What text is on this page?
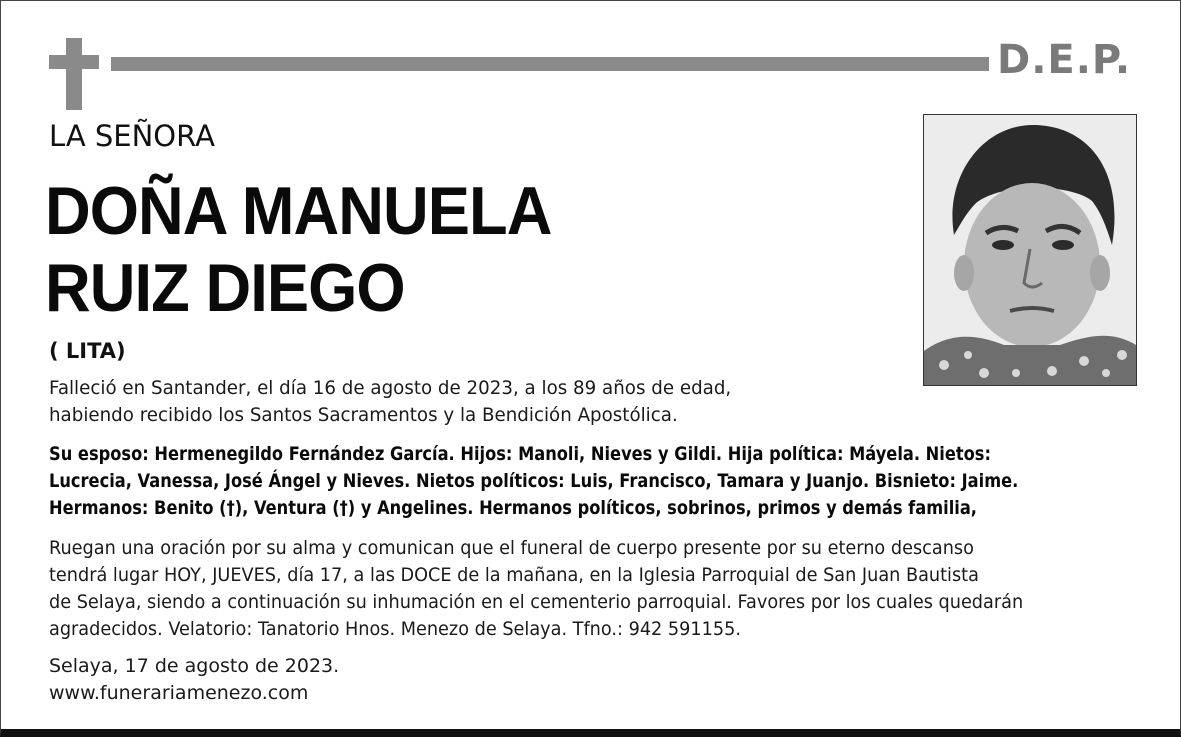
D.E.P.
LA SEÑORA
DOÑA MANUELA
RUIZ DIEGO
( LITA)
Falleció en Santander, el día 16 de agosto de 2023, a los 89 años de edad,
habiendo recibido los Santos Sacramentos y la Bendición Apostólica.
Su esposo: Hermenegildo Fernández García. Hijos: Manoli, Nieves y Gildi. Hija política: Máyela. Nietos:
Lucrecia, Vanessa, José Ángel y Nieves. Nietos políticos: Luis, Francisco, Tamara y Juanjo. Bisnieto: Jaime.
Hermanos: Benito (†), Ventura (†) y Angelines. Hermanos políticos, sobrinos, primos y demás familia,
Ruegan una oración por su alma y comunican que el funeral de cuerpo presente por su eterno descanso
tendrá lugar HOY, JUEVES, día 17, a las DOCE de la mañana, en la Iglesia Parroquial de San Juan Bautista
de Selaya, siendo a continuación su inhumación en el cementerio parroquial. Favores por los cuales quedarán
agradecidos. Velatorio: Tanatorio Hnos. Menezo de Selaya. Tfno.: 942 591155.
Selaya, 17 de agosto de 2023.
www.funerariamenezo.com
